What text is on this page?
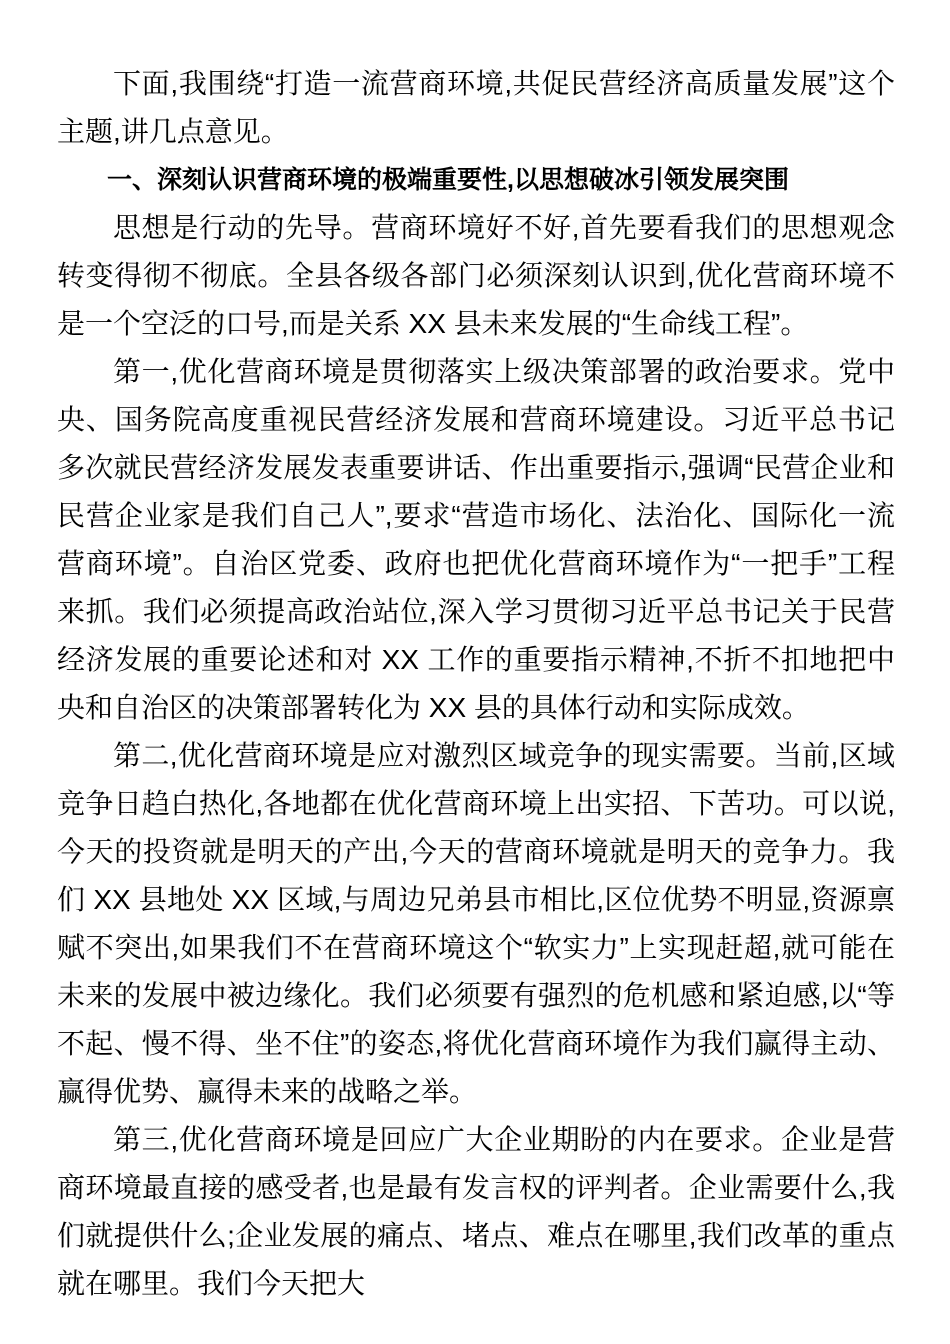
下面,我围绕“打造一流营商环境,共促民营经济高质量发展”这个主题,讲几点意见。

一、深刻认识营商环境的极端重要性,以思想破冰引领发展突围

思想是行动的先导。营商环境好不好,首先要看我们的思想观念转变得彻不彻底。全县各级各部门必须深刻认识到,优化营商环境不是一个空泛的口号,而是关系 XX 县未来发展的“生命线工程”。

第一,优化营商环境是贯彻落实上级决策部署的政治要求。党中央、国务院高度重视民营经济发展和营商环境建设。习近平总书记多次就民营经济发展发表重要讲话、作出重要指示,强调“民营企业和民营企业家是我们自己人”,要求“营造市场化、法治化、国际化一流营商环境”。自治区党委、政府也把优化营商环境作为“一把手”工程来抓。我们必须提高政治站位,深入学习贯彻习近平总书记关于民营经济发展的重要论述和对 XX 工作的重要指示精神,不折不扣地把中央和自治区的决策部署转化为 XX 县的具体行动和实际成效。

第二,优化营商环境是应对激烈区域竞争的现实需要。当前,区域竞争日趋白热化,各地都在优化营商环境上出实招、下苦功。可以说,今天的投资就是明天的产出,今天的营商环境就是明天的竞争力。我们 XX 县地处 XX 区域,与周边兄弟县市相比,区位优势不明显,资源禀赋不突出,如果我们不在营商环境这个“软实力”上实现赶超,就可能在未来的发展中被边缘化。我们必须要有强烈的危机感和紧迫感,以“等不起、慢不得、坐不住”的姿态,将优化营商环境作为我们赢得主动、赢得优势、赢得未来的战略之举。

第三,优化营商环境是回应广大企业期盼的内在要求。企业是营商环境最直接的感受者,也是最有发言权的评判者。企业需要什么,我们就提供什么;企业发展的痛点、堵点、难点在哪里,我们改革的重点就在哪里。我们今天把大
